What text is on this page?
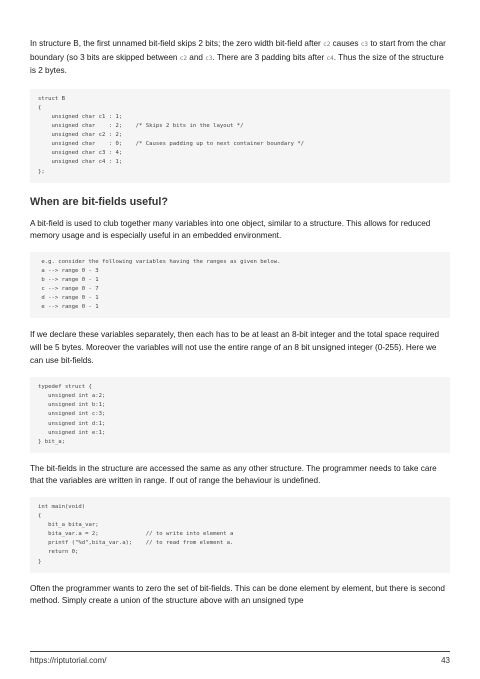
In structure B, the first unnamed bit-field skips 2 bits; the zero width bit-field after c2 causes c3 to start from the char boundary (so 3 bits are skipped between c2 and c3. There are 3 padding bits after c4. Thus the size of the structure is 2 bytes.

struct B
{
unsigned char c1 : 1;
unsigned char    : 2;    /* Skips 2 bits in the layout */
unsigned char c2 : 2;
unsigned char    : 0;    /* Causes padding up to next container boundary */
unsigned char c3 : 4;
unsigned char c4 : 1;
};
When are bit-fields useful?

A bit-field is used to club together many variables into one object, similar to a structure. This allows for reduced memory usage and is especially useful in an embedded environment.

e.g. consider the following variables having the ranges as given below.
a --> range 0 - 3
b --> range 0 - 1
c --> range 0 - 7
d --> range 0 - 1
e --> range 0 - 1

If we declare these variables separately, then each has to be at least an 8-bit integer and the total space required will be 5 bytes. Moreover the variables will not use the entire range of an 8 bit unsigned integer (0-255). Here we can use bit-fields.

typedef struct {
unsigned int a:2;
unsigned int b:1;
unsigned int c:3;
unsigned int d:1;
unsigned int e:1;
} bit_a;

The bit-fields in the structure are accessed the same as any other structure. The programmer needs to take care that the variables are written in range. If out of range the behaviour is undefined.

int main(void)
{
bit_a bita_var;
bita_var.a = 2;              // to write into element a
printf ("%d",bita_var.a);    // to read from element a.
return 0;
}

Often the programmer wants to zero the set of bit-fields. This can be done element by element, but there is second method. Simply create a union of the structure above with an unsigned type

https://riptutorial.com/	43
